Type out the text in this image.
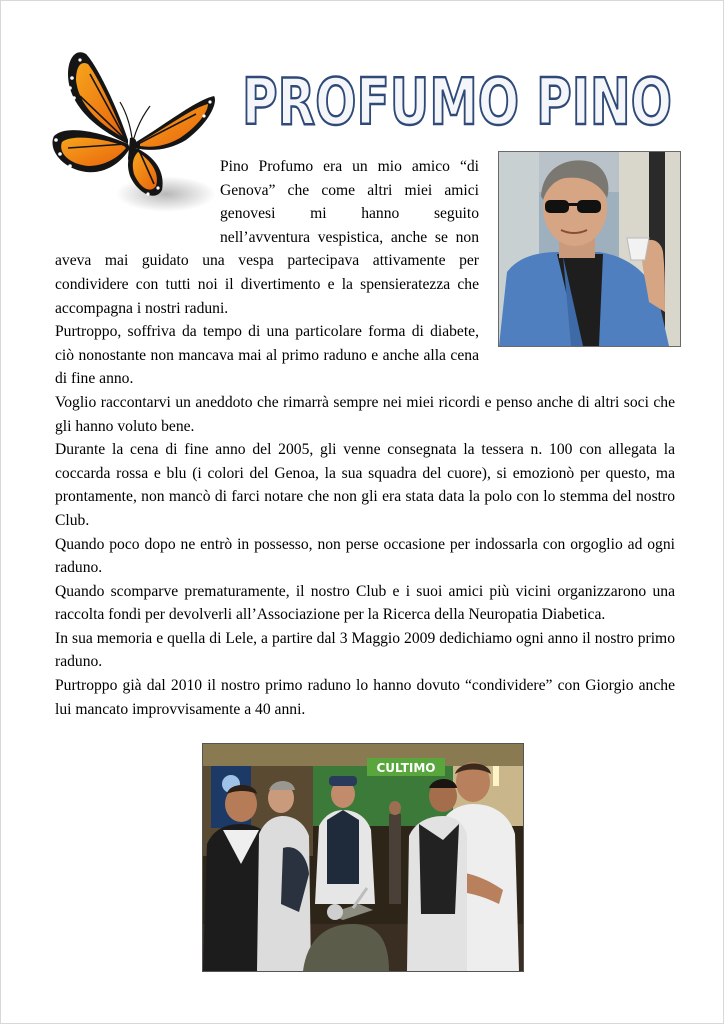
PROFUMO PINO

Pino Profumo era un mio amico “di Genova” che come altri miei amici genovesi mi hanno seguito nell’avventura vespistica, anche se non aveva mai guidato una vespa partecipava attivamente per condividere con tutti noi il divertimento e la spensieratezza che accompagna i nostri raduni.

Purtroppo, soffriva da tempo di una particolare forma di diabete, ciò nonostante non mancava mai al primo raduno e anche alla cena di fine anno.

Voglio raccontarvi un aneddoto che rimarrà sempre nei miei ricordi e penso anche di altri soci che gli hanno voluto bene.

Durante la cena di fine anno del 2005, gli venne consegnata la tessera n. 100 con allegata la coccarda rossa e blu (i colori del Genoa, la sua squadra del cuore), si emozionò per questo, ma prontamente, non mancò di farci notare che non gli era stata data la polo con lo stemma del nostro Club.

Quando poco dopo ne entrò in possesso, non perse occasione per indossarla con orgoglio ad ogni raduno.

Quando scomparve prematuramente, il nostro Club e i suoi amici più vicini organizzarono una raccolta fondi per devolverli all’Associazione per la Ricerca della Neuropatia Diabetica.

In sua memoria e quella di Lele, a partire dal 3 Maggio 2009 dedichiamo ogni anno il nostro primo raduno.

Purtroppo già dal 2010 il nostro primo raduno lo hanno dovuto “condividere” con Giorgio anche lui mancato improvvisamente a 40 anni.

CULTIMO
